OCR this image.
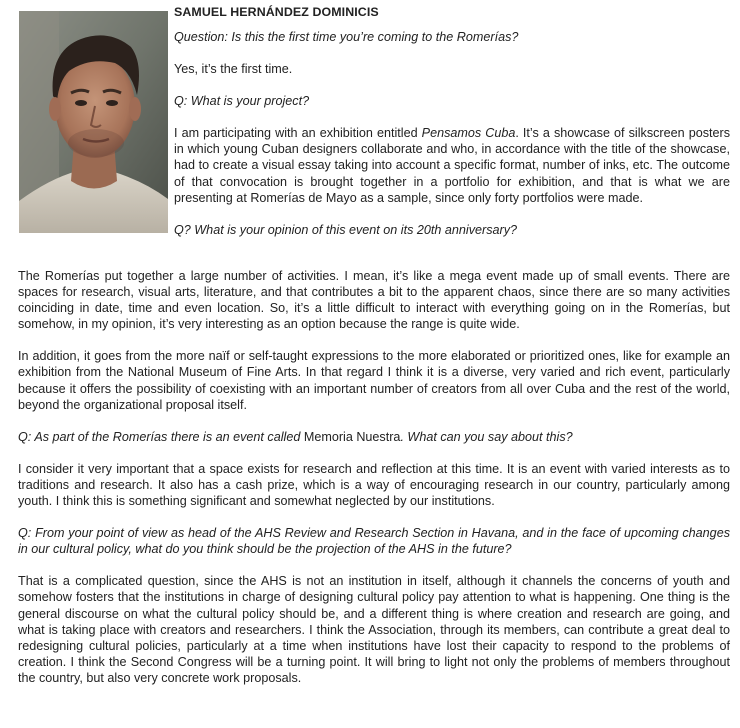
SAMUEL HERNÁNDEZ DOMINICIS

Question: Is this the first time you’re coming to the Romerías?

Yes, it’s the first time.

Q: What is your project?

I am participating with an exhibition entitled Pensamos Cuba. It’s a showcase of silkscreen posters in which young Cuban designers collaborate and who, in accordance with the title of the showcase, had to create a visual essay taking into account a specific format, number of inks, etc. The outcome of that convocation is brought together in a portfolio for exhibition, and that is what we are presenting at Romerías de Mayo as a sample, since only forty portfolios were made.

Q? What is your opinion of this event on its 20th anniversary?

The Romerías put together a large number of activities. I mean, it’s like a mega event made up of small events. There are spaces for research, visual arts, literature, and that contributes a bit to the apparent chaos, since there are so many activities coinciding in date, time and even location. So, it’s a little difficult to interact with everything going on in the Romerías, but somehow, in my opinion, it’s very interesting as an option because the range is quite wide.

In addition, it goes from the more naïf or self-taught expressions to the more elaborated or prioritized ones, like for example an exhibition from the National Museum of Fine Arts. In that regard I think it is a diverse, very varied and rich event, particularly because it offers the possibility of coexisting with an important number of creators from all over Cuba and the rest of the world, beyond the organizational proposal itself.

Q: As part of the Romerías there is an event called Memoria Nuestra. What can you say about this?

I consider it very important that a space exists for research and reflection at this time. It is an event with varied interests as to traditions and research. It also has a cash prize, which is a way of encouraging research in our country, particularly among youth. I think this is something significant and somewhat neglected by our institutions.

Q: From your point of view as head of the AHS Review and Research Section in Havana, and in the face of upcoming changes in our cultural policy, what do you think should be the projection of the AHS in the future?

That is a complicated question, since the AHS is not an institution in itself, although it channels the concerns of youth and somehow fosters that the institutions in charge of designing cultural policy pay attention to what is happening. One thing is the general discourse on what the cultural policy should be, and a different thing is where creation and research are going, and what is taking place with creators and researchers. I think the Association, through its members, can contribute a great deal to redesigning cultural policies, particularly at a time when institutions have lost their capacity to respond to the problems of creation. I think the Second Congress will be a turning point. It will bring to light not only the problems of members throughout the country, but also very concrete work proposals.
